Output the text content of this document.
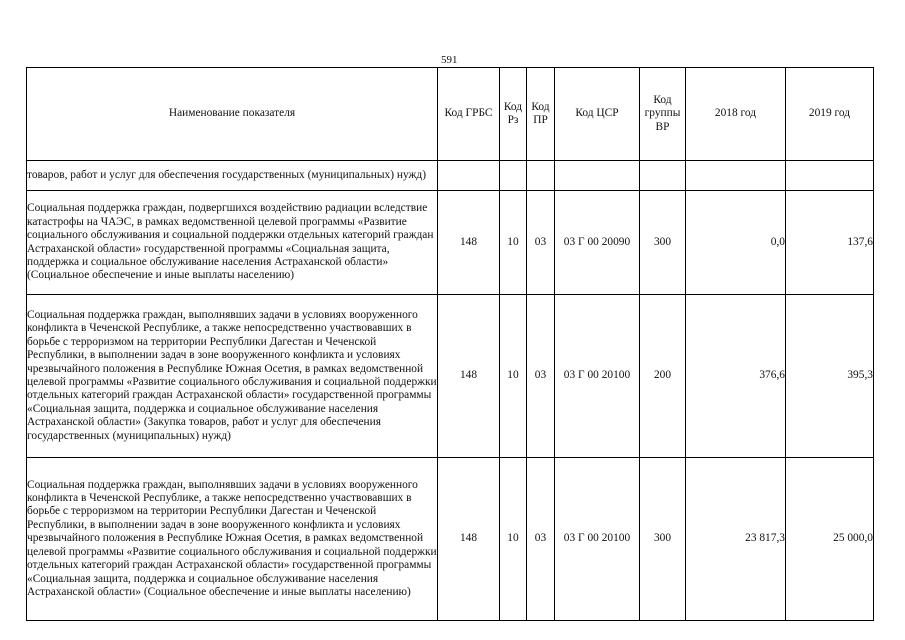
591
Наименование показателя	Код ГРБС	Код Рз	Код ПР	Код ЦСР	Код группы ВР	2018 год	2019 год
товаров, работ и услуг для обеспечения государственных (муниципальных) нужд)							
Социальная поддержка граждан, подвергшихся воздействию радиации вследствие катастрофы на ЧАЭС, в рамках ведомственной целевой программы «Развитие социального обслуживания и социальной поддержки отдельных категорий граждан Астраханской области» государственной программы «Социальная защита, поддержка и социальное обслуживание населения Астраханской области» (Социальное обеспечение и иные выплаты населению)	148	10	03	03 Г 00 20090	300	0,0	137,6
Социальная поддержка граждан, выполнявших задачи в условиях вооруженного конфликта в Чеченской Республике, а также непосредственно участвовавших в борьбе с терроризмом на территории Республики Дагестан и Чеченской Республики, в выполнении задач в зоне вооруженного конфликта и условиях чрезвычайного положения в Республике Южная Осетия, в рамках ведомственной целевой программы «Развитие социального обслуживания и социальной поддержки отдельных категорий граждан Астраханской области» государственной программы «Социальная защита, поддержка и социальное обслуживание населения Астраханской области» (Закупка товаров, работ и услуг для обеспечения государственных (муниципальных) нужд)	148	10	03	03 Г 00 20100	200	376,6	395,3
Социальная поддержка граждан, выполнявших задачи в условиях вооруженного конфликта в Чеченской Республике, а также непосредственно участвовавших в борьбе с терроризмом на территории Республики Дагестан и Чеченской Республики, в выполнении задач в зоне вооруженного конфликта и условиях чрезвычайного положения в Республике Южная Осетия, в рамках ведомственной целевой программы «Развитие социального обслуживания и социальной поддержки отдельных категорий граждан Астраханской области» государственной программы «Социальная защита, поддержка и социальное обслуживание населения Астраханской области» (Социальное обеспечение и иные выплаты населению)	148	10	03	03 Г 00 20100	300	23 817,3	25 000,0
